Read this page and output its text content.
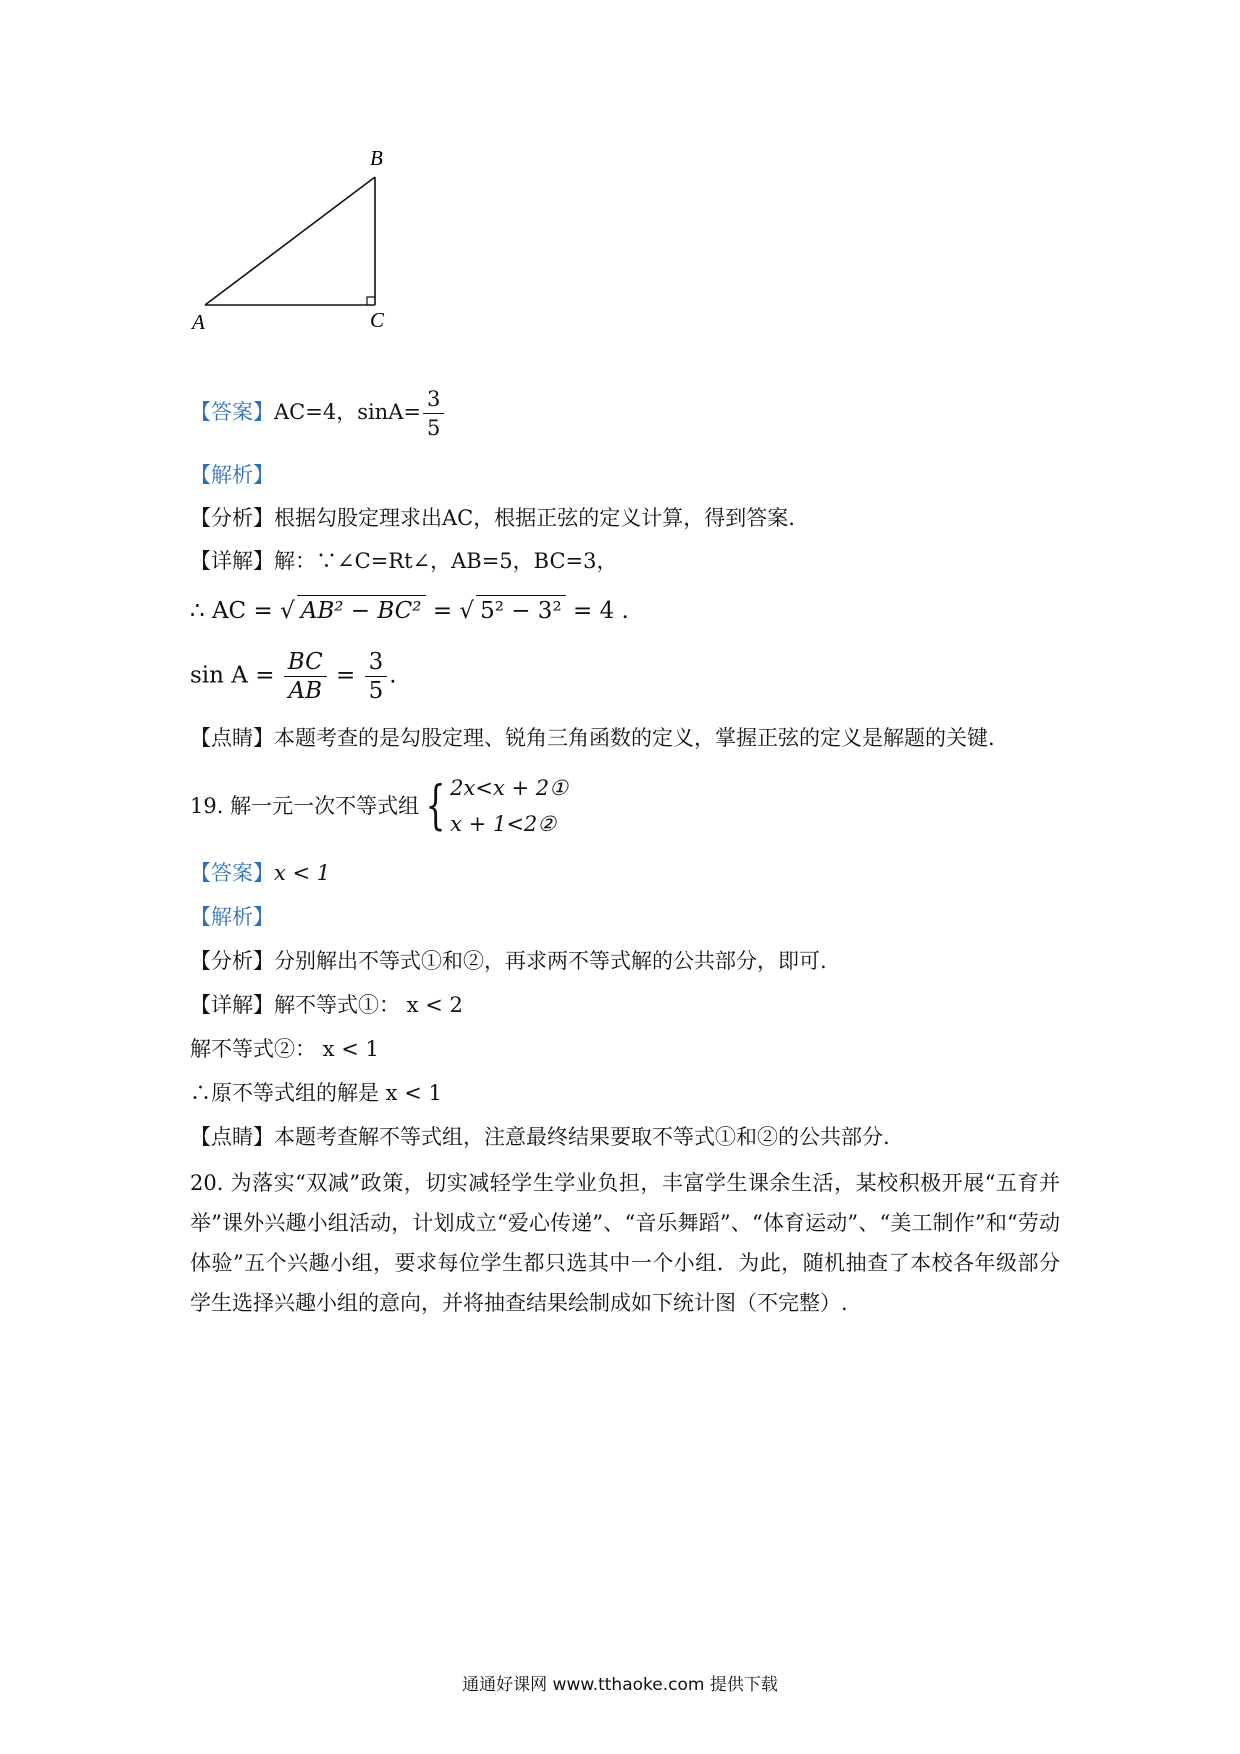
B
A	C
【答案】AC=4，$\sin A= \frac{3}{5}$
【解析】
【分析】根据勾股定理求出AC，根据正弦的定义计算，得到答案.
【详解】解：∵∠C=Rt∠，AB=5，BC=3，
∴ AC = √ AB² − BC² = √ 5² − 3² = 4 .
$\sin A = \frac{BC}{AB} = \frac{3}{5}$ .
【点睛】本题考查的是勾股定理、锐角三角函数的定义，掌握正弦的定义是解题的关键.
19. 解一元一次不等式组 { 2x<x + 2①
x + 1<2②
【答案】x < 1
【解析】
【分析】分别解出不等式①和②，再求两不等式解的公共部分，即可.
【详解】解不等式①： x < 2
解不等式②： x < 1
∴原不等式组的解是 x < 1
【点睛】本题考查解不等式组，注意最终结果要取不等式①和②的公共部分.
20. 为落实“双减”政策，切实减轻学生学业负担，丰富学生课余生活，某校积极开展“五育并举”课外兴趣小组活动，计划成立“爱心传递”、“音乐舞蹈”、“体育运动”、“美工制作”和“劳动体验”五个兴趣小组，要求每位学生都只选其中一个小组．为此，随机抽查了本校各年级部分学生选择兴趣小组的意向，并将抽查结果绘制成如下统计图（不完整）.
通通好课网 www.tthaoke.com 提供下载
